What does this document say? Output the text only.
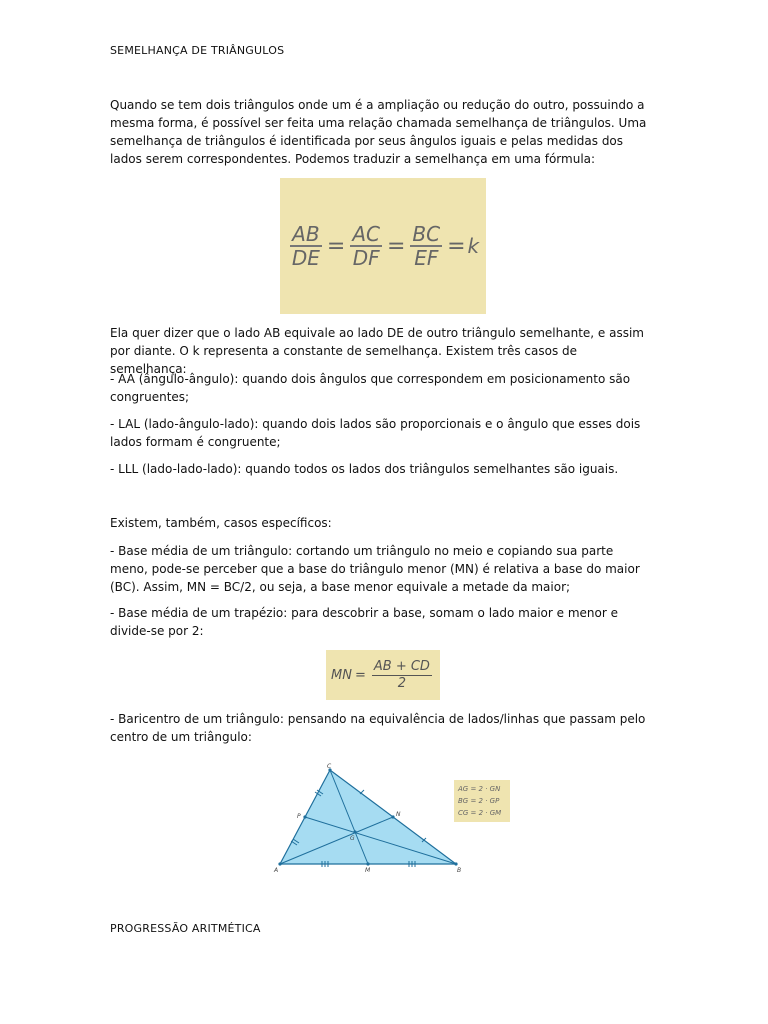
SEMELHANÇA DE TRIÂNGULOS
Quando se tem dois triângulos onde um é a ampliação ou redução do outro, possuindo a mesma forma, é possível ser feita uma relação chamada semelhança de triângulos. Uma semelhança de triângulos é identificada por seus ângulos iguais e pelas medidas dos lados serem correspondentes. Podemos traduzir a semelhança em uma fórmula:
$\frac{AB}{DE} = \frac{AC}{DF} = \frac{BC}{EF} = k$
Ela quer dizer que o lado AB equivale ao lado DE de outro triângulo semelhante, e assim por diante. O k representa a constante de semelhança. Existem três casos de semelhança:
- AA (ângulo-ângulo): quando dois ângulos que correspondem em posicionamento são congruentes;
- LAL (lado-ângulo-lado): quando dois lados são proporcionais e o ângulo que esses dois lados formam é congruente;
- LLL (lado-lado-lado): quando todos os lados dos triângulos semelhantes são iguais.
Existem, também, casos específicos:
- Base média de um triângulo: cortando um triângulo no meio e copiando sua parte meno, pode-se perceber que a base do triângulo menor (MN) é relativa a base do maior (BC). Assim, MN = BC/2, ou seja, a base menor equivale a metade da maior;
- Base média de um trapézio: para descobrir a base, somam o lado maior e menor e divide-se por 2:
MN = $\frac{AB + CD}{2}$
- Baricentro de um triângulo: pensando na equivalência de lados/linhas que passam pelo centro de um triângulo:
C
A	B
M
N
P
G
AG = 2 · GN
BG = 2 · GP
CG = 2 · GM
PROGRESSÃO ARITMÉTICA
